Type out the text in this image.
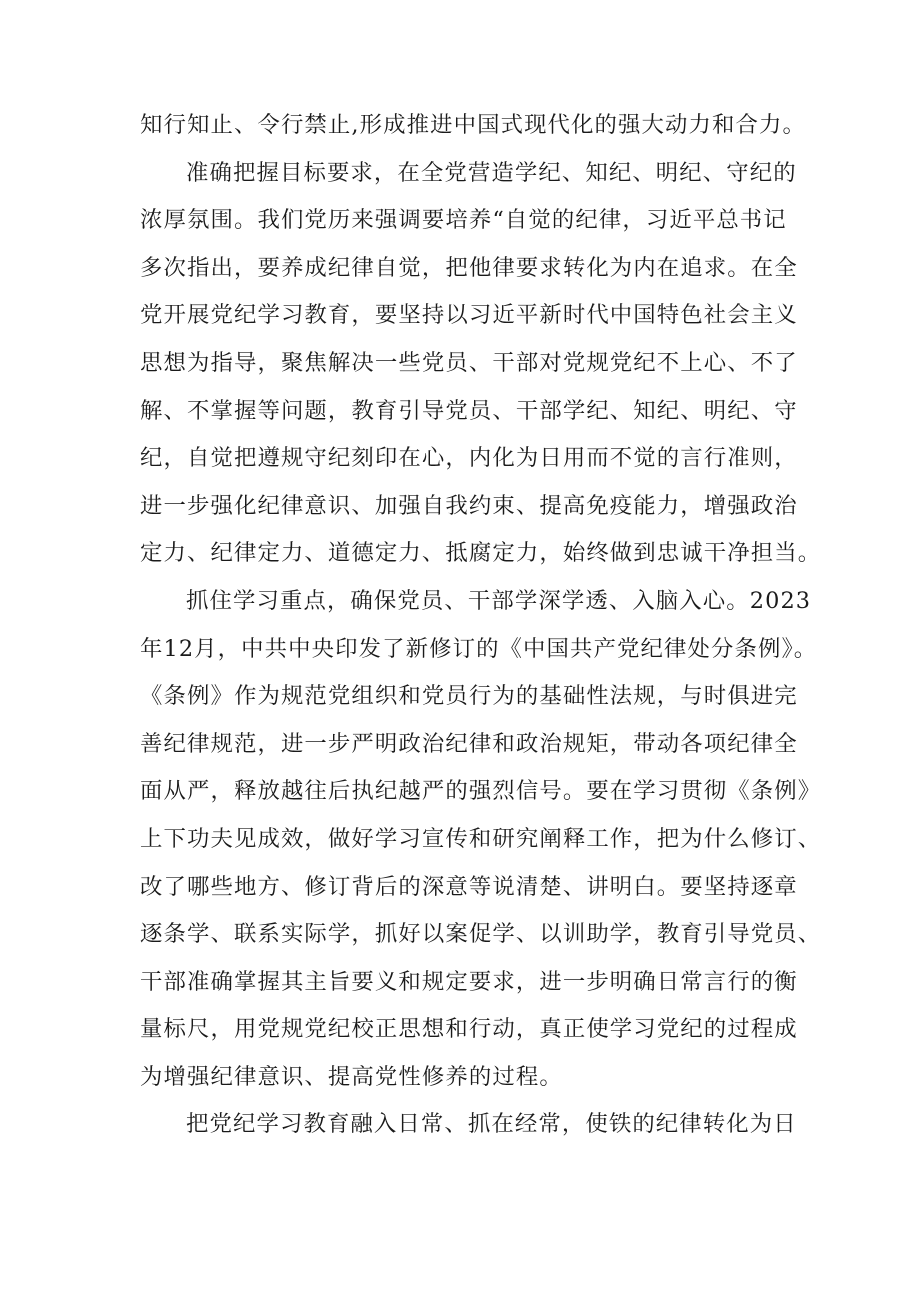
知行知止、令行禁止,形成推进中国式现代化的强大动力和合力。
准确把握目标要求，在全党营造学纪、知纪、明纪、守纪的
浓厚氛围。我们党历来强调要培养“自觉的纪律，习近平总书记
多次指出，要养成纪律自觉，把他律要求转化为内在追求。在全
党开展党纪学习教育，要坚持以习近平新时代中国特色社会主义
思想为指导，聚焦解决一些党员、干部对党规党纪不上心、不了
解、不掌握等问题，教育引导党员、干部学纪、知纪、明纪、守
纪，自觉把遵规守纪刻印在心，内化为日用而不觉的言行准则，
进一步强化纪律意识、加强自我约束、提高免疫能力，增强政治
定力、纪律定力、道德定力、抵腐定力，始终做到忠诚干净担当。
抓住学习重点，确保党员、干部学深学透、入脑入心。2023
年12月，中共中央印发了新修订的《中国共产党纪律处分条例》。
《条例》作为规范党组织和党员行为的基础性法规，与时俱进完
善纪律规范，进一步严明政治纪律和政治规矩，带动各项纪律全
面从严，释放越往后执纪越严的强烈信号。要在学习贯彻《条例》
上下功夫见成效，做好学习宣传和研究阐释工作，把为什么修订、
改了哪些地方、修订背后的深意等说清楚、讲明白。要坚持逐章
逐条学、联系实际学，抓好以案促学、以训助学，教育引导党员、
干部准确掌握其主旨要义和规定要求，进一步明确日常言行的衡
量标尺，用党规党纪校正思想和行动，真正使学习党纪的过程成
为增强纪律意识、提高党性修养的过程。
把党纪学习教育融入日常、抓在经常，使铁的纪律转化为日
